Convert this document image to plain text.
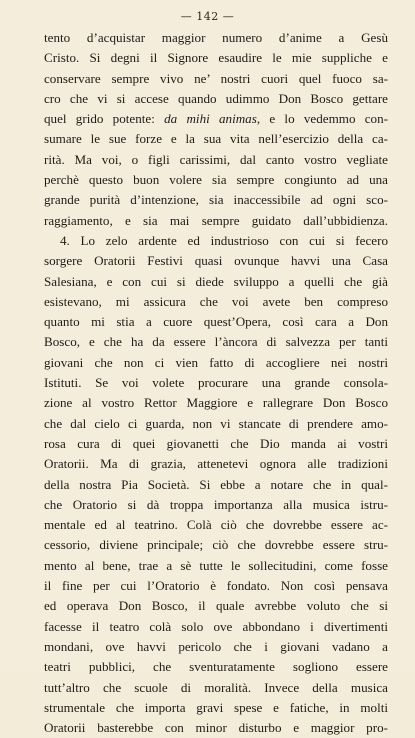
— 142 —
tento d’acquistar maggior numero d’anime a Gesù
Cristo. Si degni il Signore esaudire le mie suppliche e
conservare sempre vivo ne’ nostri cuori quel fuoco sa-
cro che vi si accese quando udimmo Don Bosco gettare
quel grido potente: da mihi animas, e lo vedemmo con-
sumare le sue forze e la sua vita nell’esercizio della ca-
rità. Ma voi, o figli carissimi, dal canto vostro vegliate
perchè questo buon volere sia sempre congiunto ad una
grande purità d’intenzione, sia inaccessibile ad ogni sco-
raggiamento, e sia mai sempre guidato dall’ubbidienza.
4. Lo zelo ardente ed industrioso con cui si fecero
sorgere Oratorii Festivi quasi ovunque havvi una Casa
Salesiana, e con cui si diede sviluppo a quelli che già
esistevano, mi assicura che voi avete ben compreso
quanto mi stia a cuore quest’Opera, così cara a Don
Bosco, e che ha da essere l’àncora di salvezza per tanti
giovani che non ci vien fatto di accogliere nei nostri
Istituti. Se voi volete procurare una grande consola-
zione al vostro Rettor Maggiore e rallegrare Don Bosco
che dal cielo ci guarda, non vi stancate di prendere amo-
rosa cura di quei giovanetti che Dio manda ai vostri
Oratorii. Ma di grazia, attenetevi ognora alle tradizioni
della nostra Pia Società. Si ebbe a notare che in qual-
che Oratorio si dà troppa importanza alla musica istru-
mentale ed al teatrino. Colà ciò che dovrebbe essere ac-
cessorio, diviene principale; ciò che dovrebbe essere stru-
mento al bene, trae a sè tutte le sollecitudini, come fosse
il fine per cui l’Oratorio è fondato. Non così pensava
ed operava Don Bosco, il quale avrebbe voluto che si
facesse il teatro colà solo ove abbondano i divertimenti
mondani, ove havvi pericolo che i giovani vadano a
teatri pubblici, che sventuratamente sogliono essere
tutt’altro che scuole di moralità. Invece della musica
strumentale che importa gravi spese e fatiche, in molti
Oratorii basterebbe con minor disturbo e maggior pro-
